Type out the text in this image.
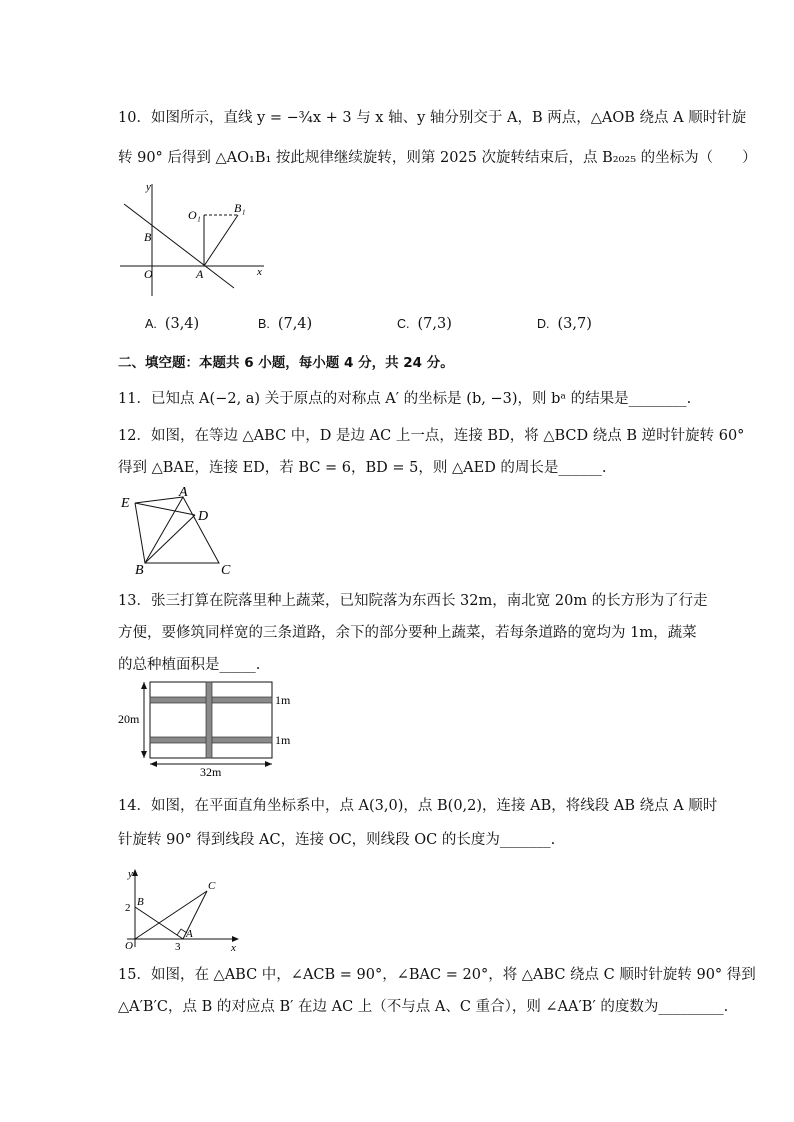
10．如图所示，直线 y = −¾x + 3 与 x 轴、y 轴分别交于 A，B 两点，△AOB 绕点 A 顺时针旋
转 90° 后得到 △AO₁B₁ 按此规律继续旋转，则第 2025 次旋转结束后，点 B₂₀₂₅ 的坐标为（　　）
y
x
O	A
B
O₁	B₁
A. (3,4)	B. (7,4)	C. (7,3)	D. (3,7)
二、填空题：本题共 6 小题，每小题 4 分，共 24 分。
11．已知点 A(−2, a) 关于原点的对称点 A′ 的坐标是 (b, −3)，则 bᵃ 的结果是________.
12．如图，在等边 △ABC 中，D 是边 AC 上一点，连接 BD，将 △BCD 绕点 B 逆时针旋转 60°
得到 △BAE，连接 ED，若 BC = 6，BD = 5，则 △AED 的周长是______.
E
A
D
B	C
13．张三打算在院落里种上蔬菜，已知院落为东西长 32m，南北宽 20m 的长方形为了行走
方便，要修筑同样宽的三条道路，余下的部分要种上蔬菜，若每条道路的宽均为 1m，蔬菜
的总种植面积是_____.
20m
32m
1m
1m
14．如图，在平面直角坐标系中，点 A(3,0)，点 B(0,2)，连接 AB，将线段 AB 绕点 A 顺时
针旋转 90° 得到线段 AC，连接 OC，则线段 OC 的长度为_______.
y
x
O
B
A
C
2
3
15．如图，在 △ABC 中，∠ACB = 90°，∠BAC = 20°，将 △ABC 绕点 C 顺时针旋转 90° 得到
△A′B′C，点 B 的对应点 B′ 在边 AC 上（不与点 A、C 重合），则 ∠AA′B′ 的度数为_________.
